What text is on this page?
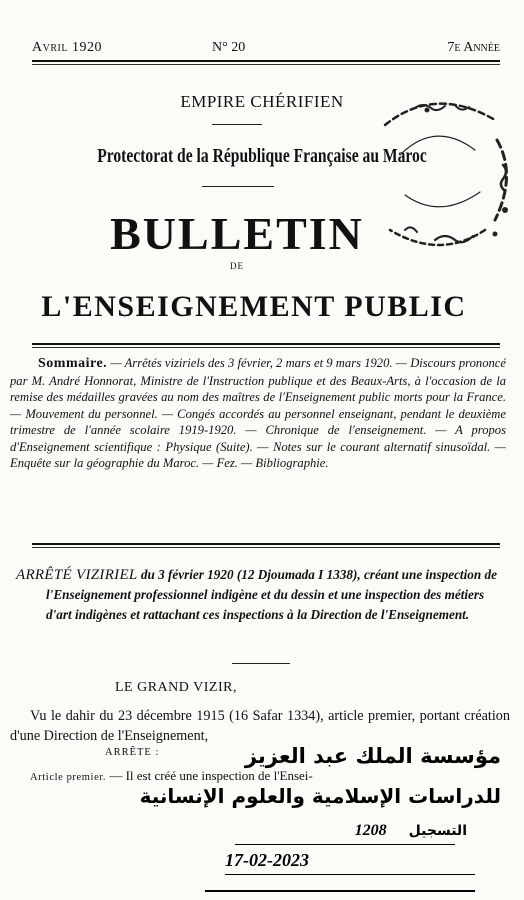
Avril 1920	N° 20	7e Année
EMPIRE CHÉRIFIEN
Protectorat de la République Française au Maroc
BULLETIN
DE
L'ENSEIGNEMENT PUBLIC

Sommaire. — Arrêtés viziriels des 3 février, 2 mars et 9 mars 1920. — Discours prononcé par M. André Honnorat, Ministre de l'Instruction publique et des Beaux-Arts, à l'occasion de la remise des médailles gravées au nom des maîtres de l'Enseignement public morts pour la France. — Mouvement du personnel. — Congés accordés au personnel enseignant, pendant le deuxième trimestre de l'année scolaire 1919-1920. — Chronique de l'enseignement. — A propos d'Enseignement scientifique : Physique (Suite). — Notes sur le courant alternatif sinusoïdal. — Enquête sur la géographie du Maroc. — Fez. — Bibliographie.

ARRÊTÉ VIZIRIEL du 3 février 1920 (12 Djoumada I 1338), créant une inspection de l'Enseignement professionnel indigène et du dessin et une inspection des métiers d'art indigènes et rattachant ces inspections à la Direction de l'Enseignement.

LE GRAND VIZIR,

Vu le dahir du 23 décembre 1915 (16 Safar 1334), article premier, portant création d'une Direction de l'Enseignement,

ARRÊTE :

Article premier. — Il est créé une inspection de l'Ensei-

مؤسسة الملك عبد العزيز
للدراسات الإسلامية والعلوم الإنسانية
التسجيل1208
17-02-2023
